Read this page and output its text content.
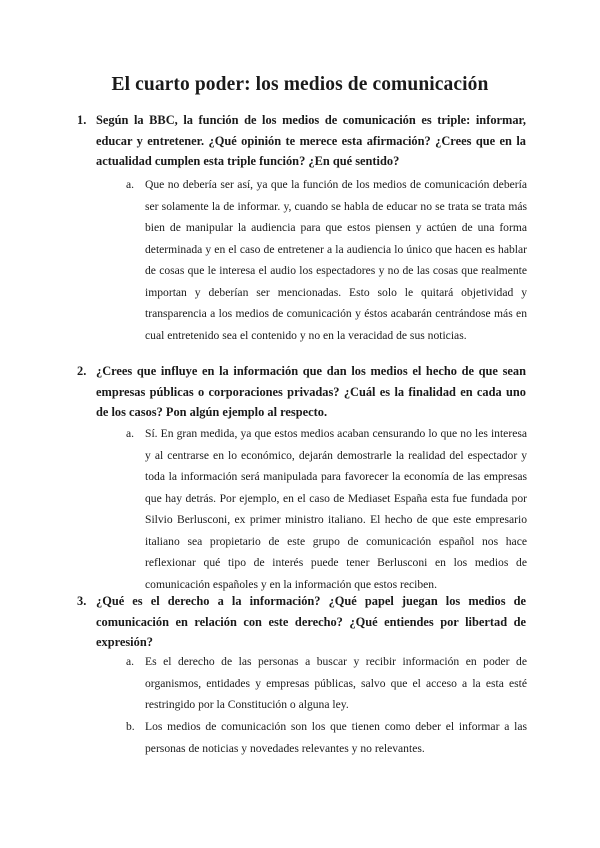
El cuarto poder: los medios de comunicación
1. Según la BBC, la función de los medios de comunicación es triple: informar, educar y entretener. ¿Qué opinión te merece esta afirmación? ¿Crees que en la actualidad cumplen esta triple función? ¿En qué sentido?
a. Que no debería ser así, ya que la función de los medios de comunicación debería ser solamente la de informar. y, cuando se habla de educar no se trata se trata más bien de manipular la audiencia para que estos piensen y actúen de una forma determinada y en el caso de entretener a la audiencia lo único que hacen es hablar de cosas que le interesa el audio los espectadores y no de las cosas que realmente importan y deberían ser mencionadas. Esto solo le quitará objetividad y transparencia a los medios de comunicación y éstos acabarán centrándose más en cual entretenido sea el contenido y no en la veracidad de sus noticias.
2. ¿Crees que influye en la información que dan los medios el hecho de que sean empresas públicas o corporaciones privadas? ¿Cuál es la finalidad en cada uno de los casos? Pon algún ejemplo al respecto.
a. Sí. En gran medida, ya que estos medios acaban censurando lo que no les interesa y al centrarse en lo económico, dejarán demostrarle la realidad del espectador y toda la información será manipulada para favorecer la economía de las empresas que hay detrás. Por ejemplo, en el caso de Mediaset España esta fue fundada por Silvio Berlusconi, ex primer ministro italiano. El hecho de que este empresario italiano sea propietario de este grupo de comunicación español nos hace reflexionar qué tipo de interés puede tener Berlusconi en los medios de comunicación españoles y en la información que estos reciben.
3. ¿Qué es el derecho a la información? ¿Qué papel juegan los medios de comunicación en relación con este derecho? ¿Qué entiendes por libertad de expresión?
a. Es el derecho de las personas a buscar y recibir información en poder de organismos, entidades y empresas públicas, salvo que el acceso a la esta esté restringido por la Constitución o alguna ley.
b. Los medios de comunicación son los que tienen como deber el informar a las personas de noticias y novedades relevantes y no relevantes.
